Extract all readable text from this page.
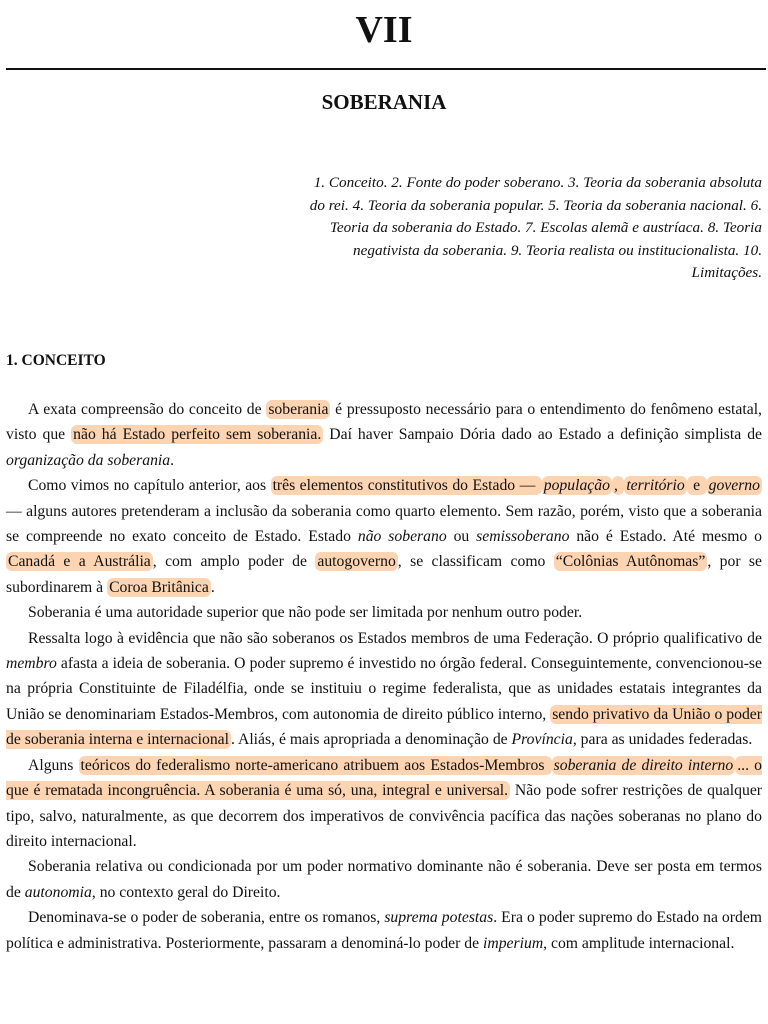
VII
SOBERANIA
1. Conceito. 2. Fonte do poder soberano. 3. Teoria da soberania absoluta do rei. 4. Teoria da soberania popular. 5. Teoria da soberania nacional. 6. Teoria da soberania do Estado. 7. Escolas alemã e austríaca. 8. Teoria negativista da soberania. 9. Teoria realista ou institucionalista. 10. Limitações.
1. CONCEITO

A exata compreensão do conceito de soberania é pressuposto necessário para o entendimento do fenômeno estatal, visto que não há Estado perfeito sem soberania. Daí haver Sampaio Dória dado ao Estado a definição simplista de organização da soberania.

Como vimos no capítulo anterior, aos três elementos constitutivos do Estado — população , território e governo — alguns autores pretenderam a inclusão da soberania como quarto elemento. Sem razão, porém, visto que a soberania se compreende no exato conceito de Estado. Estado não soberano ou semissoberano não é Estado. Até mesmo o Canadá e a Austrália , com amplo poder de autogoverno , se classificam como “Colônias Autônomas” , por se subordinarem à Coroa Britânica .

Soberania é uma autoridade superior que não pode ser limitada por nenhum outro poder.

Ressalta logo à evidência que não são soberanos os Estados membros de uma Federação. O próprio qualificativo de membro afasta a ideia de soberania. O poder supremo é investido no órgão federal. Conseguintemente, convencionou-se na própria Constituinte de Filadélfia, onde se instituiu o regime federalista, que as unidades estatais integrantes da União se denominariam Estados-Membros, com autonomia de direito público interno, sendo privativo da União o poder de soberania interna e internacional . Aliás, é mais apropriada a denominação de Província, para as unidades federadas.

Alguns teóricos do federalismo norte-americano atribuem aos Estados-Membros soberania de direito interno ... o que é rematada incongruência. A soberania é uma só, una, integral e universal. Não pode sofrer restrições de qualquer tipo, salvo, naturalmente, as que decorrem dos imperativos de convivência pacífica das nações soberanas no plano do direito internacional.

Soberania relativa ou condicionada por um poder normativo dominante não é soberania. Deve ser posta em termos de autonomia, no contexto geral do Direito.

Denominava-se o poder de soberania, entre os romanos, suprema potestas. Era o poder supremo do Estado na ordem política e administrativa. Posteriormente, passaram a denominá-lo poder de imperium, com amplitude internacional.
